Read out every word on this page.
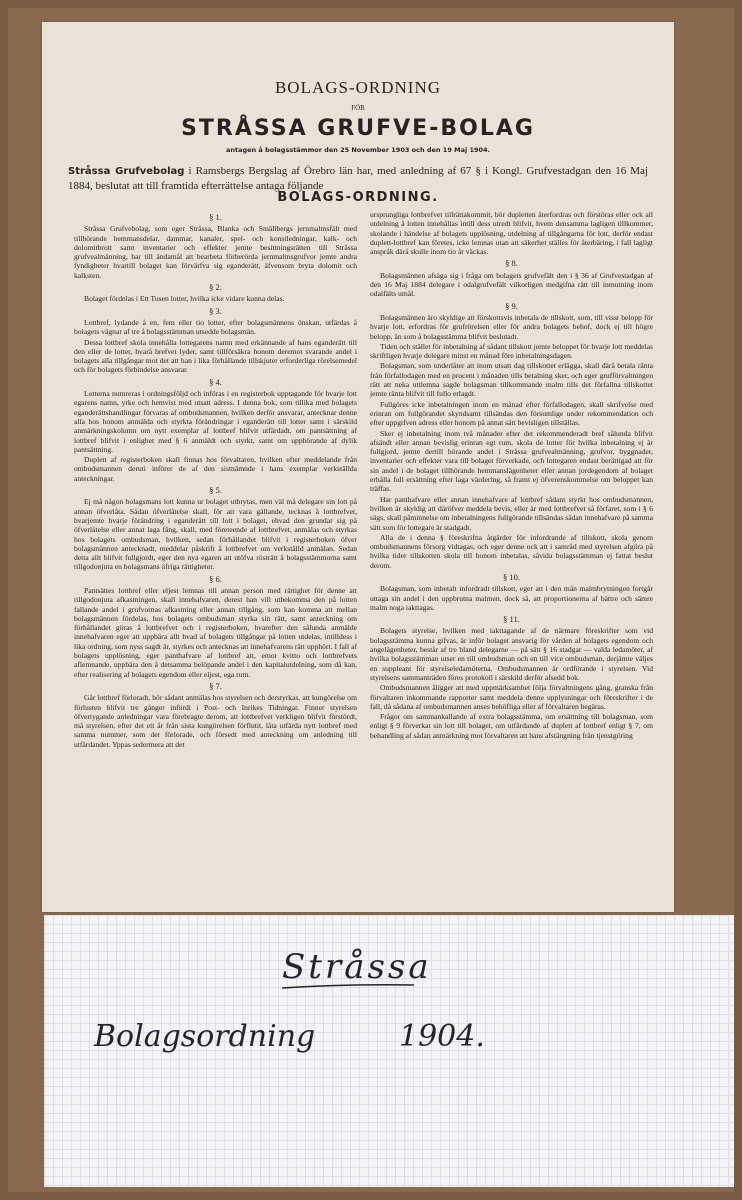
BOLAGS-ORDNING
FÖR
STRÅSSA GRUFVE-BOLAG
antagen å bolagsstämmor den 25 November 1903 och den 19 Maj 1904.
Stråssa Grufvebolag i Ramsbergs Bergslag af Örebro län har, med anledning af 67 § i Kongl. Grufvestadgan den 16 Maj 1884, beslutat att till framtida efterrättelse antaga följande
BOLAGS-ORDNING.
§ 1.

Stråssa Grufvebolag, som eger Stråssa, Blanka och Smällbergs jernmalmsfält med tillhörande hemmansdelar, dammar, kanaler, spel- och konstledningar, kalk- och dolomitbrott samt inventarier och effekter jemte besittningsrätten till Stråssa grufvealmänning, har till ändamål att bearbeta förberörda jernmalmsgrufvor jemte andra fyndigheter hvartill bolaget kan förvärfva sig eganderätt, äfvensom bryta dolomit och kalksten.

§ 2.

Bolaget fördelas i Ett Tusen lotter, hvilka icke vidare kunna delas.

§ 3.

Lottbref, lydande å en, fem eller tio lotter, efter bolagsmännens önskan, utfärdas å bolagets vägnar af tre å bolagsstämman utsedde bolagsmän.

Dessa lottbref skola innehålla lottegarens namn med erkännande af hans eganderätt till den eller de lotter, hvarå brefvet lyder, samt tillförsäkra honom deremot svarande andel i bolagets alla tillgångar mot det att han i lika förhållande tillskjuter erforderliga rörelsemedel och för bolagets förbindelse ansvarar.

§ 4.

Lotterna numreras i ordningsföljd och införas i en registerbok upptagande för hvarje lott egarens namn, yrke och hemvist med utsatt adress. I denna bok, som tillika med bolagets eganderättshandlingar förvaras af ombudsmannen, hvilken derför ansvarar, antecknar denne alla hos honom anmälda och styrkta förändringar i eganderätt till lotter samt i särskild anmärkningskolumn om nytt exemplar af lottbref blifvit utfärdadt, om pantsättning af lottbref blifvit i enlighet med § 6 anmäldt och styrkt, samt om upphörande af dylik pantsättning.

Duplett af registerboken skall finnas hos förvaltaren, hvilken efter meddelande från ombudsmannen deruti införer de af den sistnämnde i hans exemplar verkställda anteckningar.

§ 5.

Ej må någon bolagsmans lott kunna ur bolaget utbrytas, men väl må delegare sin lott på annan öfverlåta. Sådan öfverlåtelse skall, för att vara gällande, tecknas å lottbrefvet, hvarjemte hvarje förändring i eganderätt till lott i bolaget, ehvad den grundar sig på öfverlåtelse eller annat laga fång, skall, med företeende af lottbrefvet, anmälas och styrkas hos bolagets ombudsman, hvilken, sedan förhållandet blifvit i registerboken öfver bolagsmännen antecknadt, meddelar påskrift å lottbrefvet om verkställd anmälan. Sedan detta allt blifvit fullgjordt, eger den nya egaren att utöfva rösträtt å bolagsstämmorna samt tillgodonjuta en bolagsmans öfriga rättigheter.

§ 6.

Pantsättes lottbref eller eljest lemnas till annan person med rättighet för denne att tillgodonjuta afkastningen, skall innehafvaren, derest han vill utbekomma den på lotten fallande andel i grufvornas afkastning eller annan tillgång, som kan komma att mellan bolagsmännen fördelas, hos bolagets ombudsman styrka sin rätt, samt anteckning om förhållandet göras å lottbrefvet och i registerboken, hvarefter den sålunda anmälde innehafvaren eger att uppbära allt hvad af bolagets tillgångar på lotten utdelas, intilldess i lika ordning, som nyss sagdt är, styrkes och antecknas att innehafvarens rätt upphört. I fall af bolagets upplösning, eger panthafvare af lottbref att, emot kvitto och lottbrefvets aflemnande, uppbära den å detsamma belöpande andel i den kapitalutdelning, som då kan, efter realisering af bolagets egendom eller eljest, ega rum.

§ 7.

Går lottbref förloradt, bör sådant anmälas hos styrelsen och derstyrkas, att kungörelse om förlusten blifvit tre gånger infördi i Post- och Inrikes Tidningar. Finner styrelsen öfvertygande anledningar vara förebragte derom, att lottbrefvet verkligen blifvit förstördt, må styrelsen, efter det ett år från sista kungörelsen förflutit, låta utfärda nytt lottbref med samma nummer, som det förlorade, och försedt med anteckning om anledning till utfärdandet. Yppas sedermera att det

ursprungliga lottbrefvet tillrättakommit, bör dupletten återfordras och förstöras eller ock all utdelning å lotten innehållas intill dess utredt blifvit, hvem densamma lagligen tillkommer, skolande i händelse af bolagets upplösning, utdelning af tillgångarna för lott, derför endast duplett-lottbref kan företes, icke lemnas utan att säkerhet ställes för återbäring, i fall lagligt anspråk därå skulle inom tio år väckas.

§ 8.

Bolagsmännen afsäga sig i fråga om bolagets grufvefält den i § 36 af Grufvestadgan af den 16 Maj 1884 delegare i odalgrufvefält vilkorligen medgifna rätt till inmutning inom odalfälts umål.

§ 9.

Bolagsmännen äro skyldige att förskottsvis inbetala de tillskott, som, till visst belopp för hvarje lott, erfordras för grufrörelsen eller för andra bolagets behof, dock ej till högre belopp, än som å bolagsstämma blifvit beslutadt.

Tiden och stället för inbetalning af sådant tillskott jemte beloppet för hvarje lott meddelas skriftligen hvarje delegare minst en månad före inbetalningsdagen.

Bolagsman, som underlåter att inom utsatt dag tillskottet erlägga, skall därå betala ränta från förfallodagen med en procent i månaden tills betalning sker, och eger grufförvaltningen rätt att neka uttlemna sagde bolagsman tillkommande malm tills det förfallna tillskottet jemte ränta blifvit till fullo erlagdt.

Fullgöres icke inbetalningen inom en månad efter förfallodagen, skall skrifvelse med erinran om fullgörandet skyndsamt tillsändas den försumlige under rekommendation och efter uppgifven adress eller honom på annat sätt bevisligen tillställas.

Sker ej inbetalning inom två månader efter det rekommenderadt bref sålunda blifvit afsändt eller annan bevislig erinran egt rum, skola de lotter för hvilka inbetalning ej är fullgjord, jemte dertill hörande andel i Stråssa grufvealmänning, grufvor, byggnader, inventarier och effekter vara till bolaget förverkade, och lottegaren endast berättigad att för sin andel i de bolaget tillhörande hemmanslägenheter eller annan jordegendom af bolaget erhålla full ersättning efter laga värdering, så framt ej öfverenskommelse om beloppet kan träffas.

Har panthafvare eller annan innehafvare af lottbref sådant styrkt hos ombudsmannen, hvilken är skyldig att däröfver meddela bevis, eller är med lottbrefvet så förfaret, som i § 6 sägs, skall påminnelse om inbetalningens fullgörande tillsändas sådan innehafvare på samma sätt som för lottegare är stadgadt.

Alla de i denna § föreskrifna åtgärder för infordrande af tillskott, skola genom ombudsmannens försorg vidtagas, och eger denne ock att i samråd med styrelsen afgöra på hvilka tider tillskotten skola till honom inbetalas, såvida bolagsstämman ej fattat beslut derom.

§ 10.

Bolagsman, som inbetalt infordradt tillskott, eger att i den mån malmbrytningen fortgår uttaga sin andel i den uppbrutna malmen, dock så, att proportionerna af bättre och sämre malm noga iakttagas.

§ 11.

Bolagets styrelse, hvilken med iakttagande af de närmare föreskrifter som vid bolagsstämma kunna gifvas, är inför bolaget ansvarig för vården af bolagets egendom och angelägenheter, består af tre bland delegarne — på sätt § 16 stadgar — valda ledamöter, af hvilka bolagsstämman utser en till ombudsman och en till vice ombudsman, derjämte väljes en suppleant för styrelseledamöterna. Ombudsmannen är ordförande i styrelsen. Vid styrelsens sammanträden föres protokoll i särskild derför afsedd bok.

Ombudsmannen åligger att med uppmärksamhet följa förvaltningens gång, granska från förvaltaren inkommande rapporter samt meddela denne upplysningar och föreskrifter i de fall, då sådana af ombudsmannen anses behöfliga eller af förvaltaren begäras.

Frågor om sammankallande af extra bolagsstämma, om ersättning till bolagsman, som enligt § 9 förverkat sin lott till bolaget, om utfärdande af duplett af lottbref enligt § 7, om behandling af sådan anmärkning mot förvaltaren att hans afstängning från tjenstgöring

Stråssa
Bolagsordning	1904.
